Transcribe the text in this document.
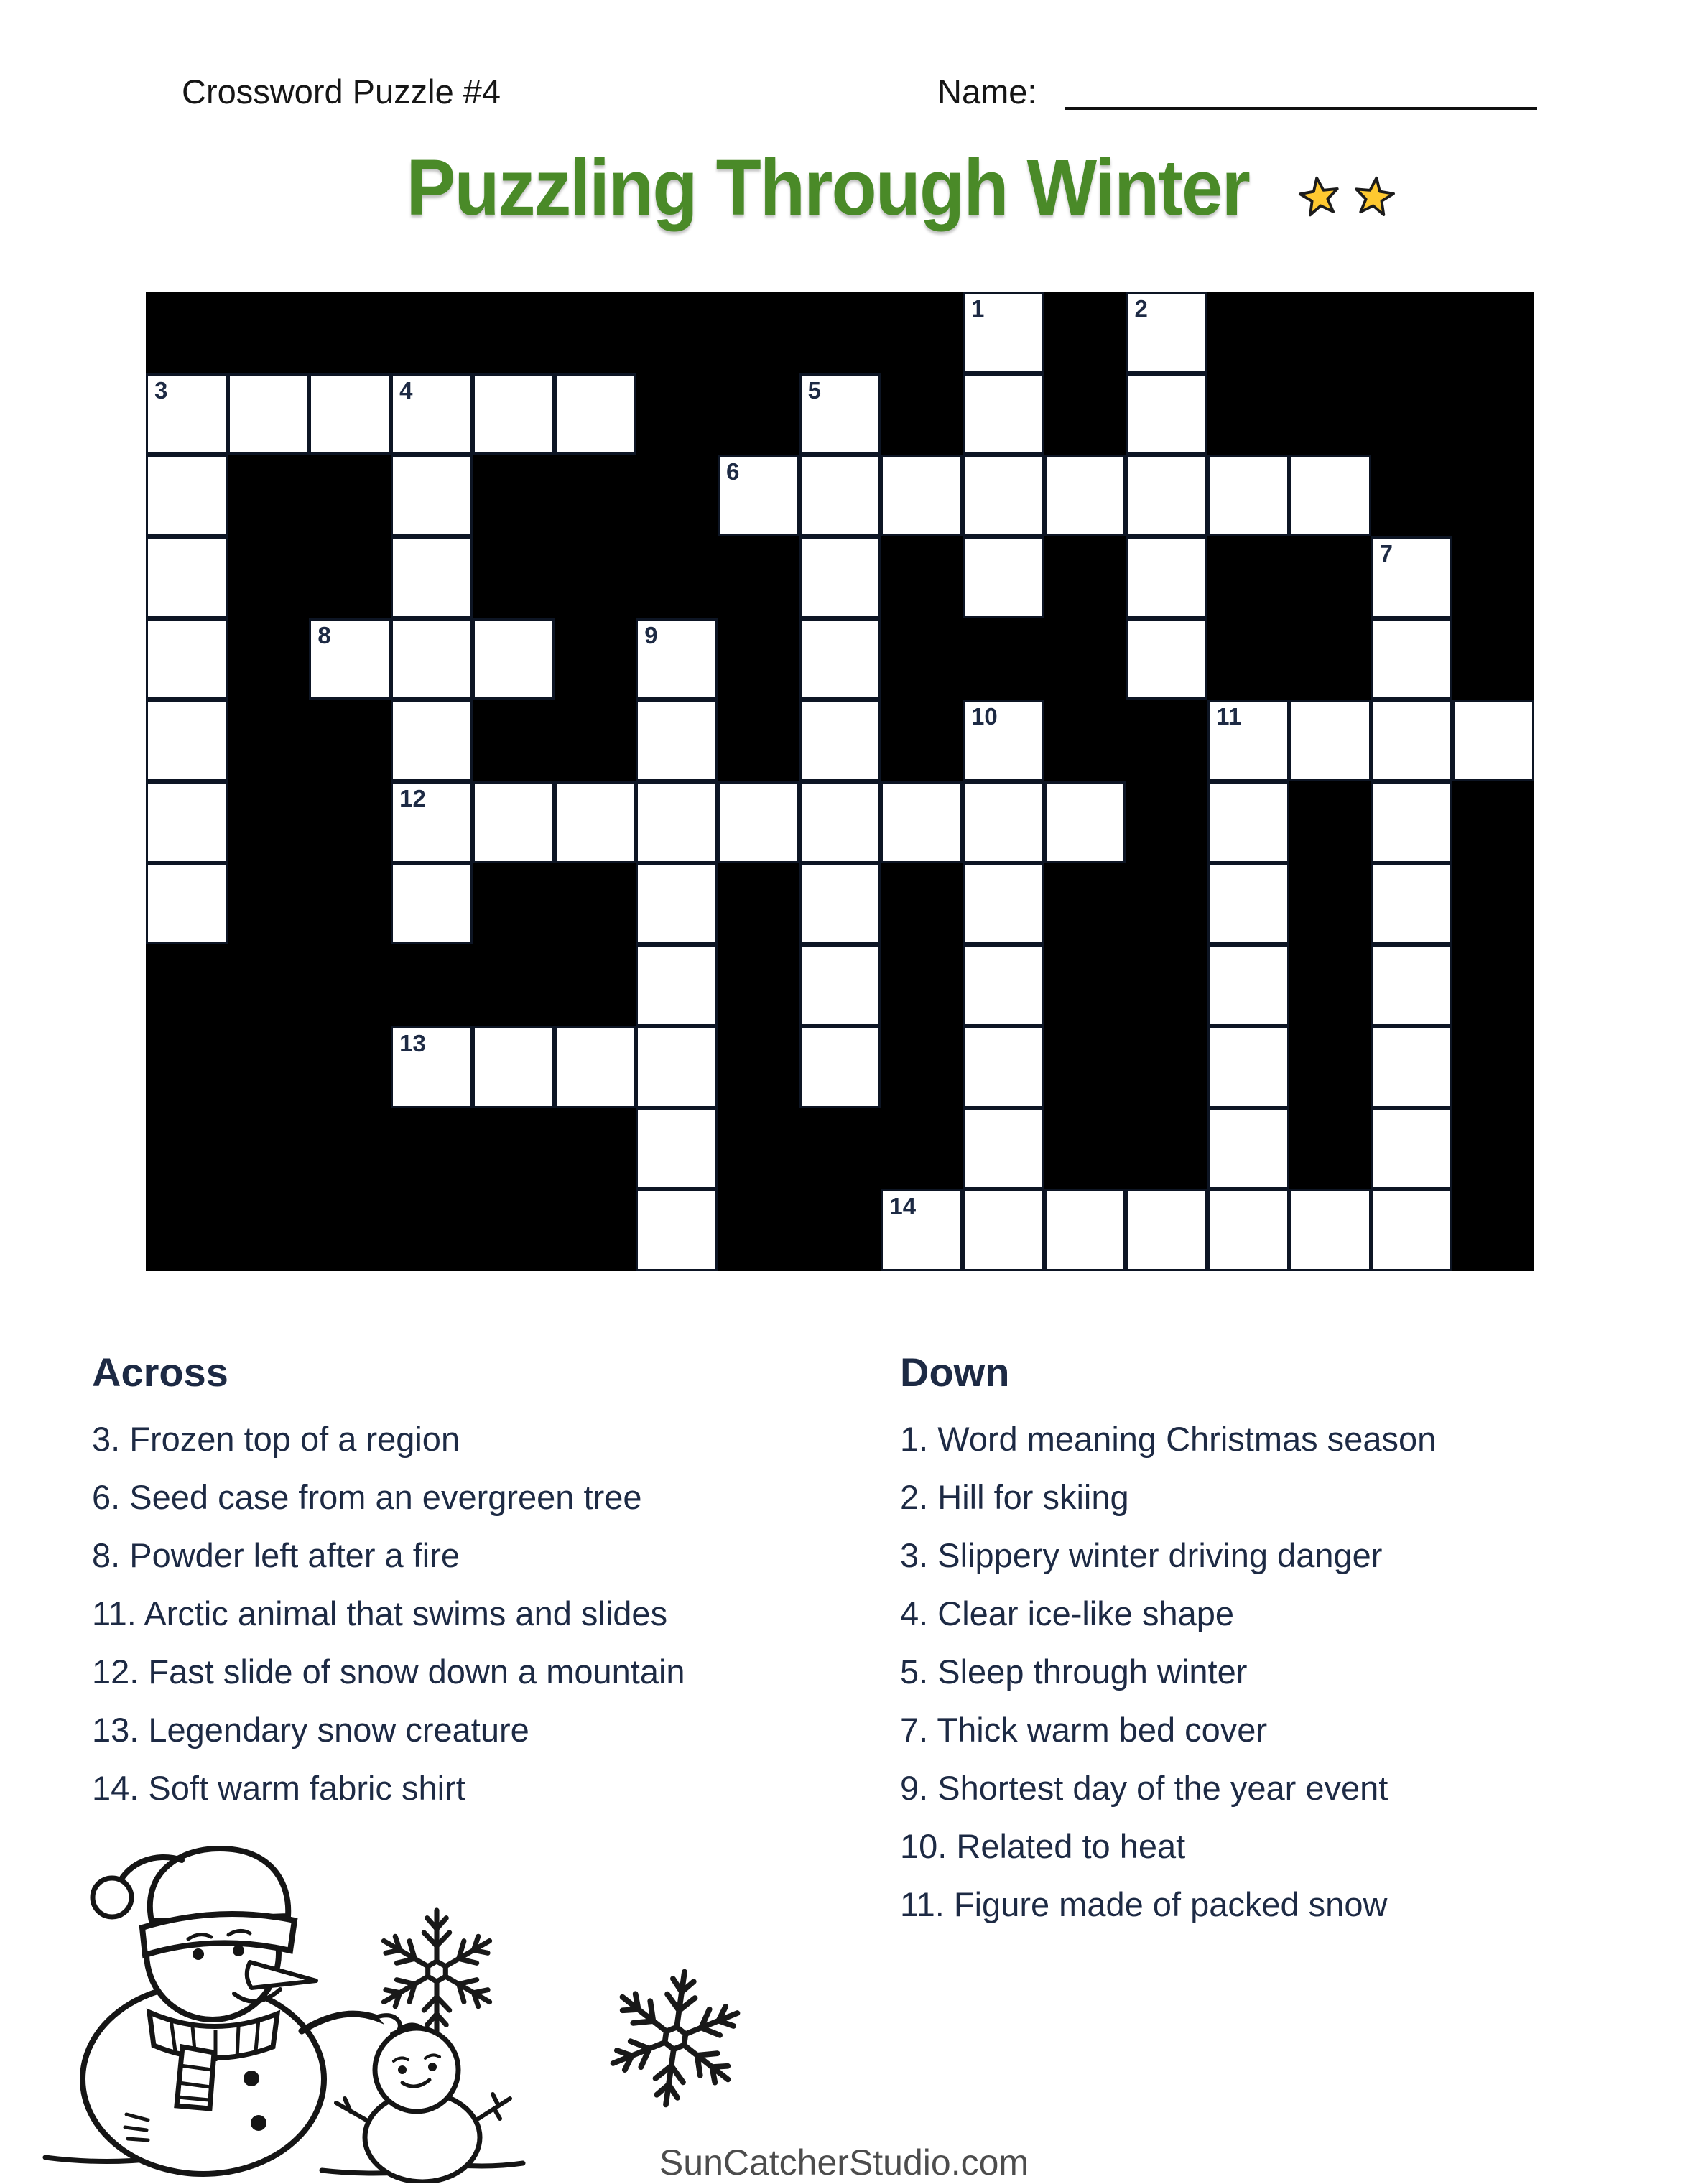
Crossword Puzzle #4	Name:
Puzzling Through Winter
1	2
3	4	5
6
7
8	9
10	11
12
13
14
Across
3. Frozen top of a region
6. Seed case from an evergreen tree
8. Powder left after a fire
11. Arctic animal that swims and slides
12. Fast slide of snow down a mountain
13. Legendary snow creature
14. Soft warm fabric shirt
Down
1. Word meaning Christmas season
2. Hill for skiing
3. Slippery winter driving danger
4. Clear ice-like shape
5. Sleep through winter
7. Thick warm bed cover
9. Shortest day of the year event
10. Related to heat
11. Figure made of packed snow
SunCatcherStudio.com
